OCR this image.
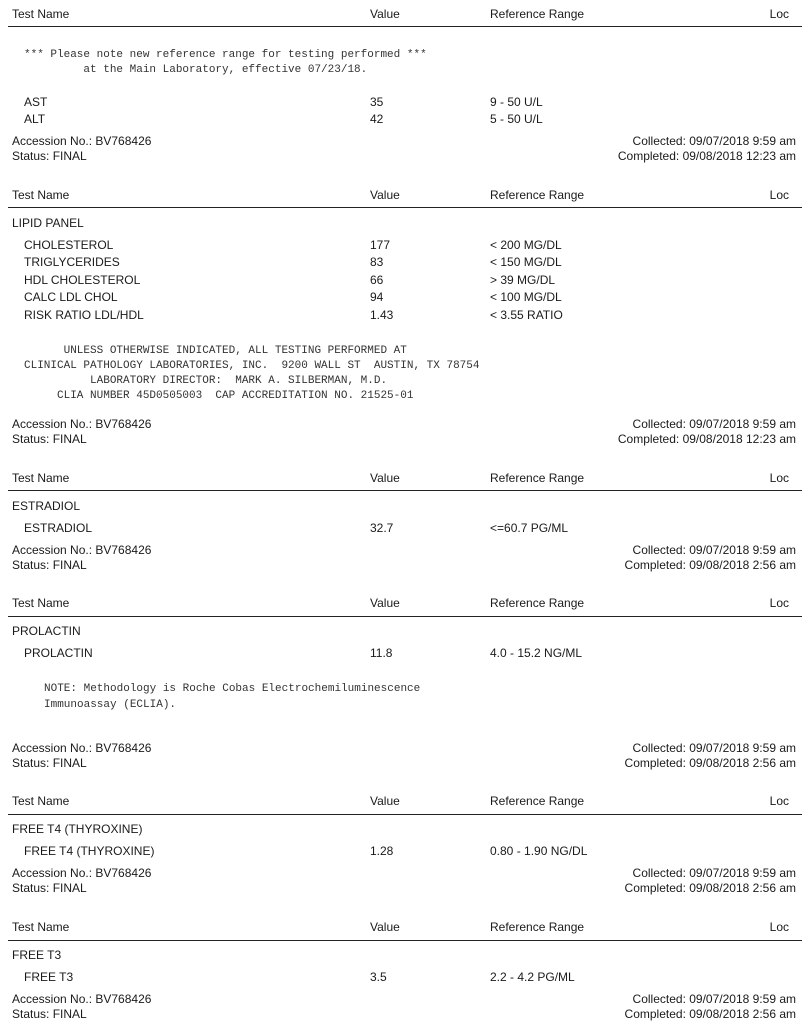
Test Name	Value	Reference Range	Loc
*** Please note new reference range for testing performed ***
at the Main Laboratory, effective 07/23/18.
AST	35	9 - 50 U/L
ALT	42	5 - 50 U/L
Accession No.: BV768426
Status: FINAL
Collected: 09/07/2018 9:59 am
Completed: 09/08/2018 12:23 am
Test Name	Value	Reference Range	Loc
LIPID PANEL
CHOLESTEROL	177	< 200 MG/DL
TRIGLYCERIDES	83	< 150 MG/DL
HDL CHOLESTEROL	66	> 39 MG/DL
CALC LDL CHOL	94	< 100 MG/DL
RISK RATIO LDL/HDL	1.43	< 3.55 RATIO
UNLESS OTHERWISE INDICATED, ALL TESTING PERFORMED AT
CLINICAL PATHOLOGY LABORATORIES, INC.  9200 WALL ST  AUSTIN, TX 78754
LABORATORY DIRECTOR:  MARK A. SILBERMAN, M.D.
CLIA NUMBER 45D0505003  CAP ACCREDITATION NO. 21525-01
Accession No.: BV768426
Status: FINAL
Collected: 09/07/2018 9:59 am
Completed: 09/08/2018 12:23 am
Test Name	Value	Reference Range	Loc
ESTRADIOL
ESTRADIOL	32.7	<=60.7 PG/ML
Accession No.: BV768426
Status: FINAL
Collected: 09/07/2018 9:59 am
Completed: 09/08/2018 2:56 am
Test Name	Value	Reference Range	Loc
PROLACTIN
PROLACTIN	11.8	4.0 - 15.2 NG/ML
NOTE: Methodology is Roche Cobas Electrochemiluminescence
Immunoassay (ECLIA).
Accession No.: BV768426
Status: FINAL
Collected: 09/07/2018 9:59 am
Completed: 09/08/2018 2:56 am
Test Name	Value	Reference Range	Loc
FREE T4 (THYROXINE)
FREE T4 (THYROXINE)	1.28	0.80 - 1.90 NG/DL
Accession No.: BV768426
Status: FINAL
Collected: 09/07/2018 9:59 am
Completed: 09/08/2018 2:56 am
Test Name	Value	Reference Range	Loc
FREE T3
FREE T3	3.5	2.2 - 4.2 PG/ML
Accession No.: BV768426
Status: FINAL
Collected: 09/07/2018 9:59 am
Completed: 09/08/2018 2:56 am
